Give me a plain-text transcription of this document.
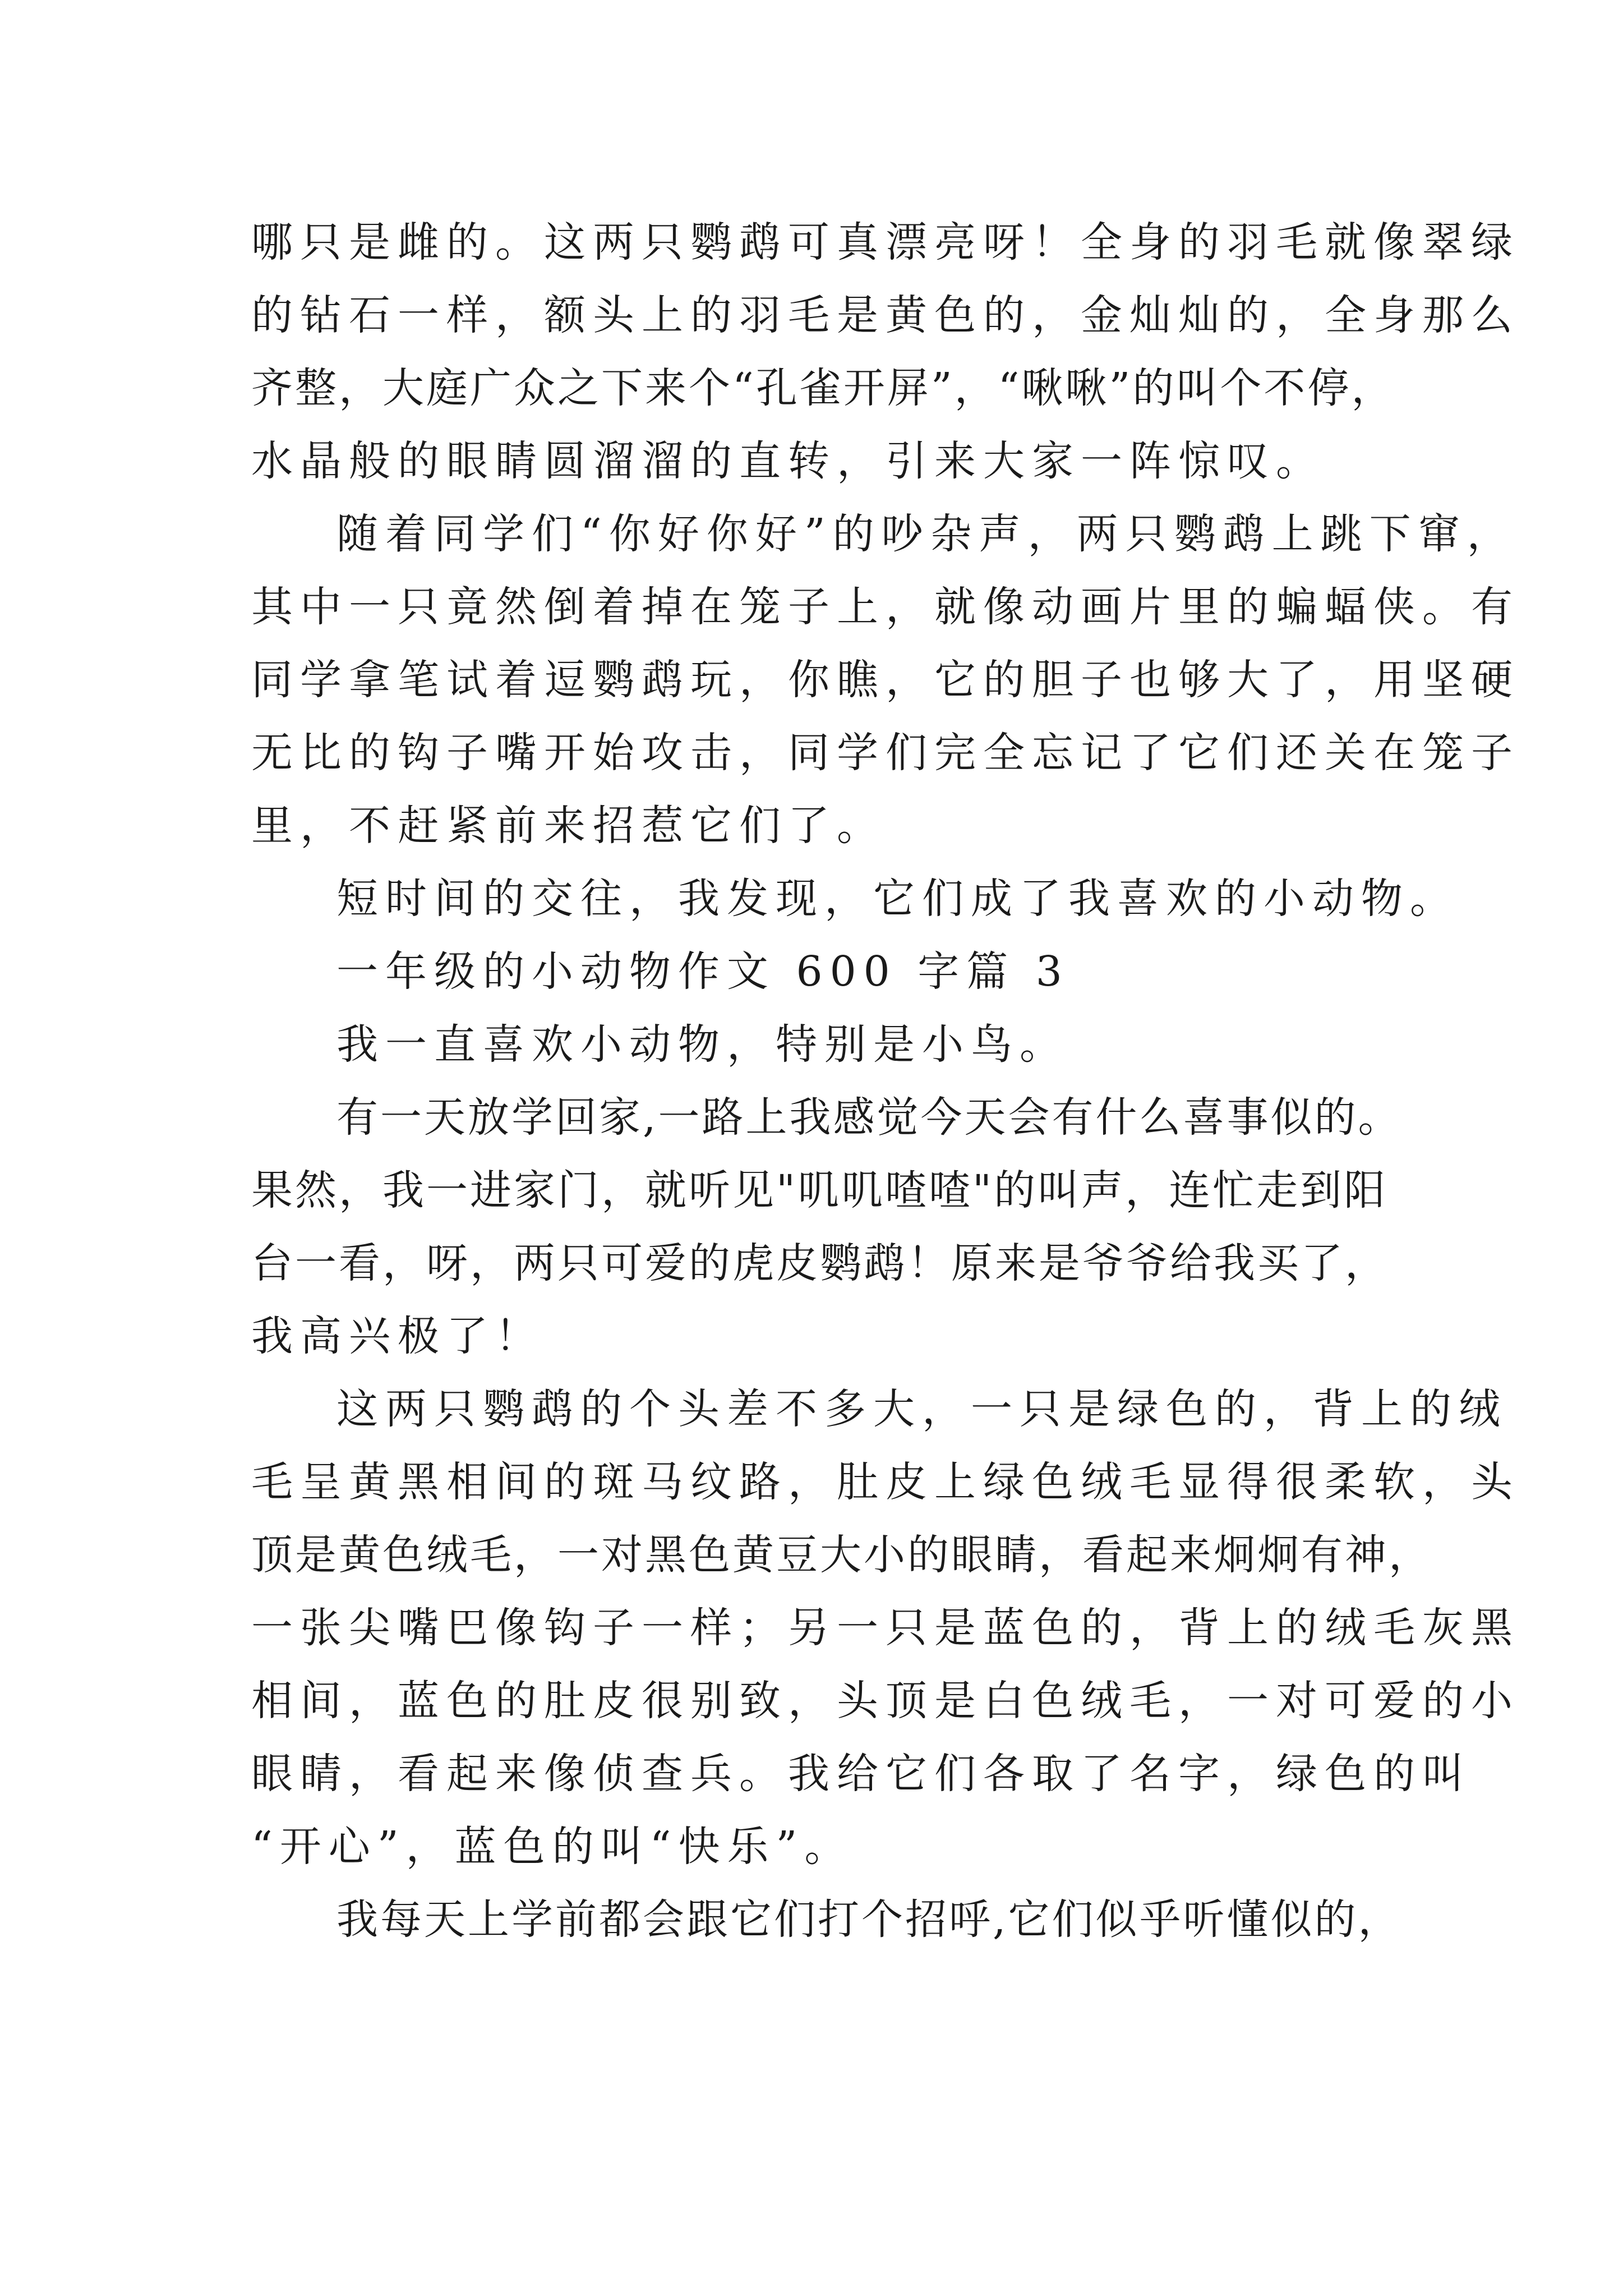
哪只是雌的。这两只鹦鹉可真漂亮呀！全身的羽毛就像翠绿
的钻石一样，额头上的羽毛是黄色的，金灿灿的，全身那么
齐整，大庭广众之下来个“孔雀开屏”，“啾啾”的叫个不停，
水晶般的眼睛圆溜溜的直转，引来大家一阵惊叹。
随着同学们“你好你好”的吵杂声，两只鹦鹉上跳下窜，
其中一只竟然倒着掉在笼子上，就像动画片里的蝙蝠侠。有
同学拿笔试着逗鹦鹉玩，你瞧，它的胆子也够大了，用坚硬
无比的钩子嘴开始攻击，同学们完全忘记了它们还关在笼子
里，不赶紧前来招惹它们了。
短时间的交往，我发现，它们成了我喜欢的小动物。
一年级的小动物作文 600 字篇 3
我一直喜欢小动物，特别是小鸟。
有一天放学回家,一路上我感觉今天会有什么喜事似的。
果然，我一进家门，就听见"叽叽喳喳"的叫声，连忙走到阳
台一看，呀，两只可爱的虎皮鹦鹉！原来是爷爷给我买了，
我高兴极了！
这两只鹦鹉的个头差不多大，一只是绿色的，背上的绒
毛呈黄黑相间的斑马纹路，肚皮上绿色绒毛显得很柔软，头
顶是黄色绒毛，一对黑色黄豆大小的眼睛，看起来炯炯有神，
一张尖嘴巴像钩子一样；另一只是蓝色的，背上的绒毛灰黑
相间，蓝色的肚皮很别致，头顶是白色绒毛，一对可爱的小
眼睛，看起来像侦查兵。我给它们各取了名字，绿色的叫
“开心”，蓝色的叫“快乐”。
我每天上学前都会跟它们打个招呼,它们似乎听懂似的，
